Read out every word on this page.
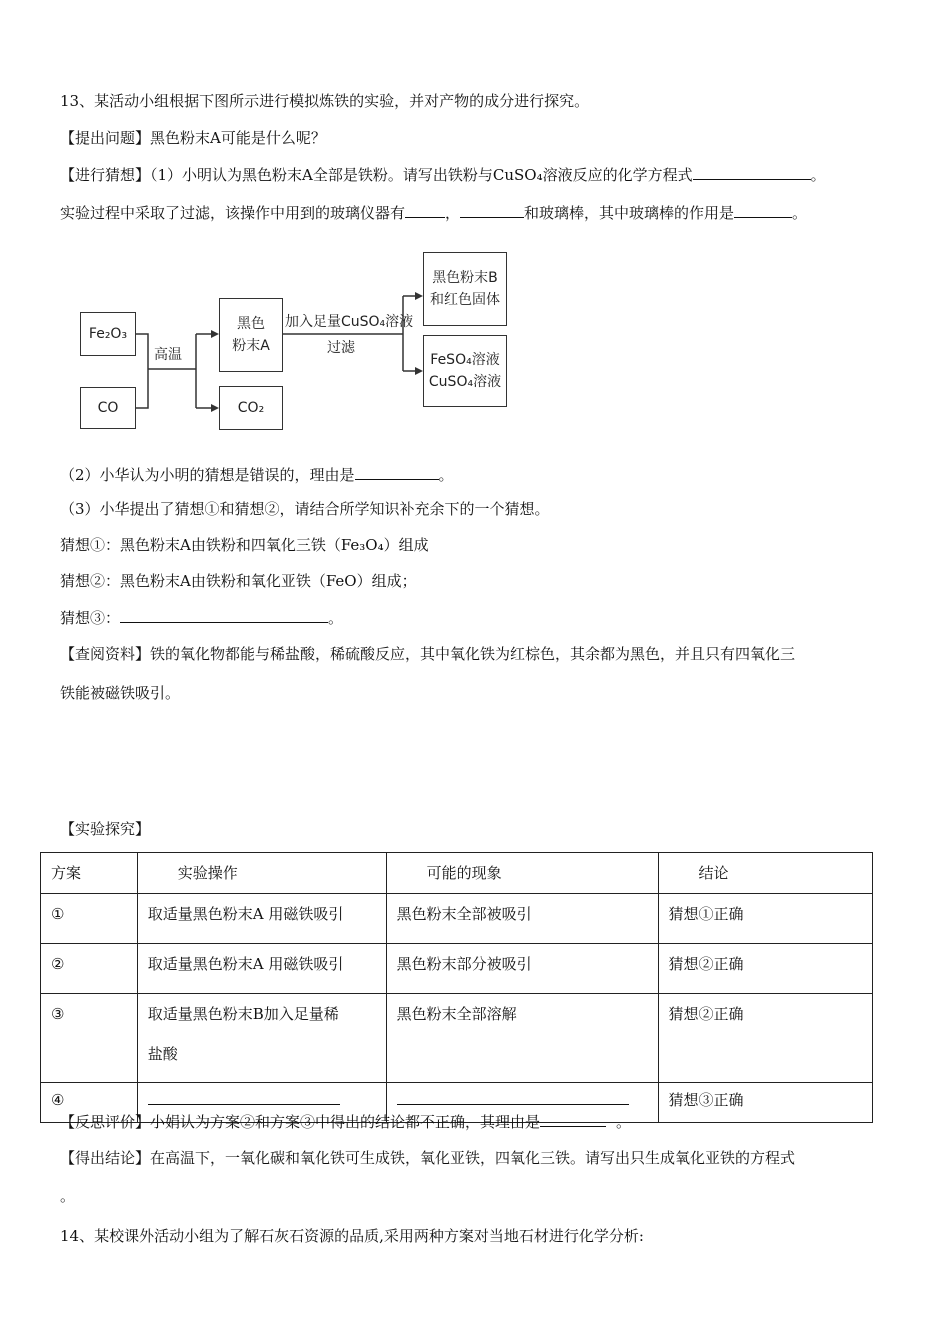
13、某活动小组根据下图所示进行模拟炼铁的实验，并对产物的成分进行探究。
【提出问题】黑色粉末A可能是什么呢？
【进行猜想】（1）小明认为黑色粉末A全部是铁粉。请写出铁粉与CuSO₄溶液反应的化学方程式	。
实验过程中采取了过滤，该操作中用到的玻璃仪器有	，	和玻璃棒，其中玻璃棒的作用是	。
Fe₂O₃
CO
高温
黑色
粉末A
CO₂
加入足量CuSO₄溶液
过滤
黑色粉末B
和红色固体
FeSO₄溶液
CuSO₄溶液
（2）小华认为小明的猜想是错误的，理由是	。
（3）小华提出了猜想①和猜想②，请结合所学知识补充余下的一个猜想。
猜想①：黑色粉末A由铁粉和四氧化三铁（Fe₃O₄）组成
猜想②：黑色粉末A由铁粉和氧化亚铁（FeO）组成；
猜想③：	。
【查阅资料】铁的氧化物都能与稀盐酸，稀硫酸反应，其中氧化铁为红棕色，其余都为黑色，并且只有四氧化三
铁能被磁铁吸引。
【实验探究】
方案	实验操作	可能的现象	结论
①	取适量黑色粉末A 用磁铁吸引	黑色粉末全部被吸引	猜想①正确
②	取适量黑色粉末A 用磁铁吸引	黑色粉末部分被吸引	猜想②正确
③	取适量黑色粉末B加入足量稀
盐酸	黑色粉末全部溶解	猜想②正确
④			猜想③正确
【反思评价】小娟认为方案②和方案③中得出的结论都不正确，其理由是	。
【得出结论】在高温下，一氧化碳和氧化铁可生成铁，氧化亚铁，四氧化三铁。请写出只生成氧化亚铁的方程式
。
14、某校课外活动小组为了解石灰石资源的品质,采用两种方案对当地石材进行化学分析:
